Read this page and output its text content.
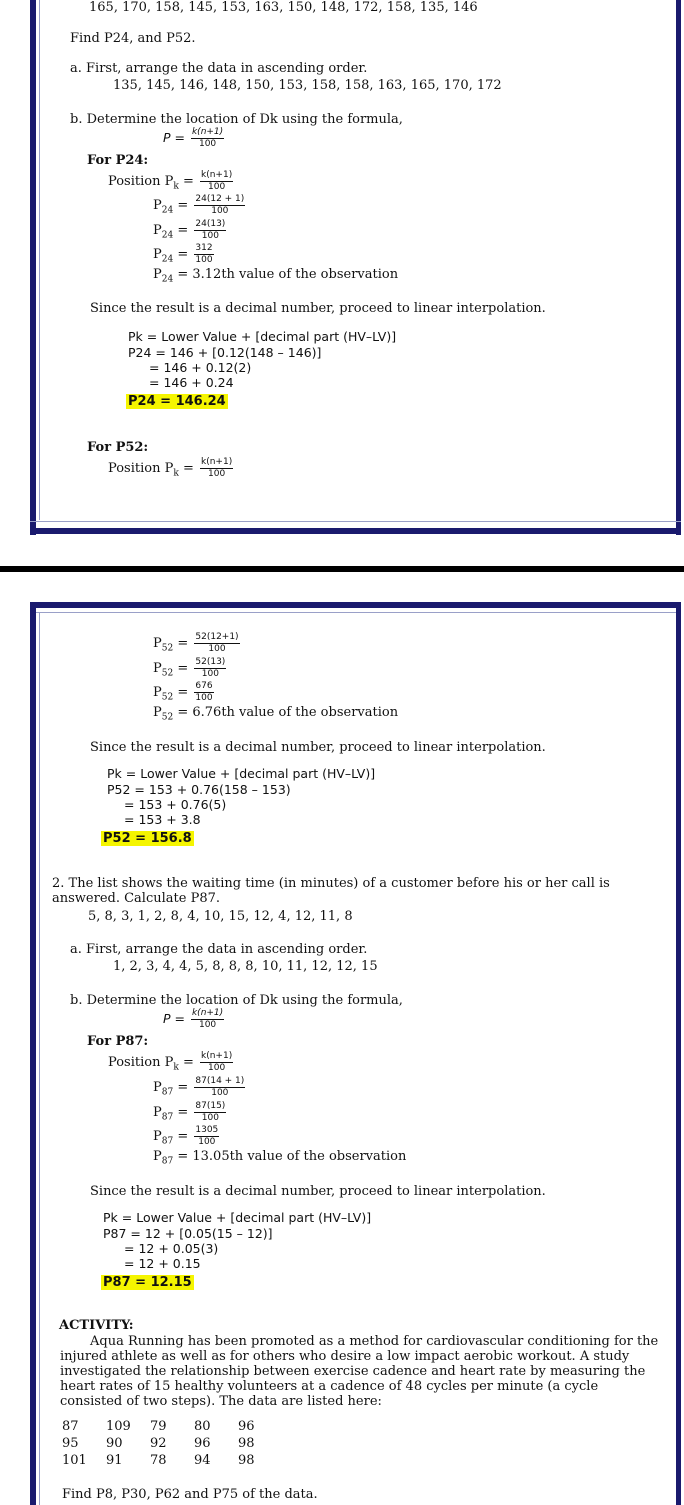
165, 170, 158, 145, 153, 163, 150, 148, 172, 158, 135, 146
Find P24, and P52.
a. First, arrange the data in ascending order.
135, 145, 146, 148, 150, 153, 158, 158, 163, 165, 170, 172
b. Determine the location of Dk using the formula,
$P = \frac{k(n+1)}{100}$
For P24:
Position $P_k = \frac{k(n+1)}{100}$
$P_{24} = \frac{24(12 + 1)}{100}$
$P_{24} = \frac{24(13)}{100}$
$P_{24} = \frac{312}{100}$
$P_{24} = 3.12th$ value of the observation
Since the result is a decimal number, proceed to linear interpolation.
Pk = Lower Value + [decimal part (HV–LV)]
P24 = 146 + [0.12(148 – 146)]
= 146 + 0.12(2)
= 146 + 0.24
P24 = 146.24
For P52:
Position $P_k = \frac{k(n+1)}{100}$
$P_{52} = \frac{52(12+1)}{100}$
$P_{52} = \frac{52(13)}{100}$
$P_{52} = \frac{676}{100}$
$P_{52} = 6.76th$ value of the observation
Since the result is a decimal number, proceed to linear interpolation.
Pk = Lower Value + [decimal part (HV–LV)]
P52 = 153 + 0.76(158 – 153)
= 153 + 0.76(5)
= 153 + 3.8
P52 = 156.8
2. The list shows the waiting time (in minutes) of a customer before his or her call is
answered. Calculate P87.
5, 8, 3, 1, 2, 8, 4, 10, 15, 12, 4, 12, 11, 8
a. First, arrange the data in ascending order.
1, 2, 3, 4, 4, 5, 8, 8, 8, 10, 11, 12, 12, 15
b. Determine the location of Dk using the formula,
$P = \frac{k(n+1)}{100}$
For P87:
Position $P_k = \frac{k(n+1)}{100}$
$P_{87} = \frac{87(14 + 1)}{100}$
$P_{87} = \frac{87(15)}{100}$
$P_{87} = \frac{1305}{100}$
$P_{87} = 13.05th$ value of the observation
Since the result is a decimal number, proceed to linear interpolation.
Pk = Lower Value + [decimal part (HV–LV)]
P87 = 12 + [0.05(15 – 12)]
= 12 + 0.05(3)
= 12 + 0.15
P87 = 12.15
ACTIVITY:
Aqua Running has been promoted as a method for cardiovascular conditioning for the injured athlete as well as for others who desire a low impact aerobic workout. A study investigated the relationship between exercise cadence and heart rate by measuring the heart rates of 15 healthy volunteers at a cadence of 48 cycles per minute (a cycle consisted of two steps). The data are listed here:
87	109	79	80	96
95	90	92	96	98
101	91	78	94	98
Find P8, P30, P62 and P75 of the data.
